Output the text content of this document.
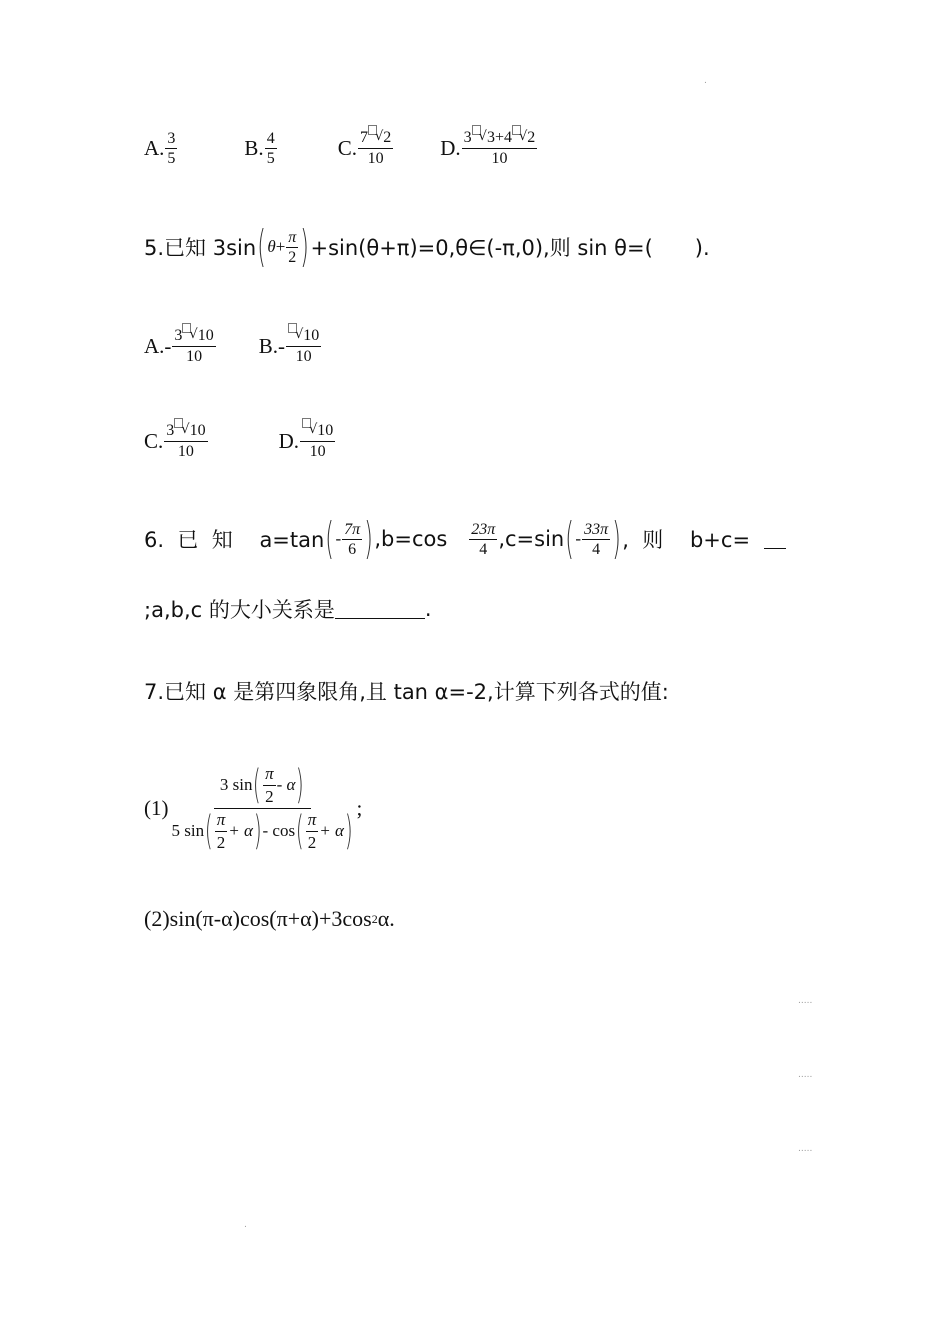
.
A. $\frac{3}{5}$	B. $\frac{4}{5}$	C. $\frac{7 √2}{10} D$. $\frac{3 √3+4 √2}{10}$
5.已知 3sin ( $\theta + \frac{\pi}{2}$ ) +sin(θ+π)=0,θ∈(-π,0),则 sin θ=(　　).
$A.- \frac{3 √10}{10} B.- \frac{√10}{10}$
C. $\frac{3 √10}{10}$	D. $\frac{√10}{10}$
6.  已  知    a=tan ( - $\frac{7\pi}{6}$ ) $,b=\cos \frac{23\pi}{4} ,c=\sin$ ( - $\frac{33\pi}{4}$ ) ,  则    b+c=
;a,b,c 的大小关系是	.
7.已知 α 是第四象限角,且 tan α=-2,计算下列各式的值:
(1)
3 sin ( $\frac{\pi}{2}$ - α )
5 sin ( $\frac{\pi}{2} + \alpha$ ) - cos ( $\frac{\pi}{2} + \alpha$ )
;
(2)sin(π-α)cos(π+α)+3cos 2 α.
.....
.....
.....
.
